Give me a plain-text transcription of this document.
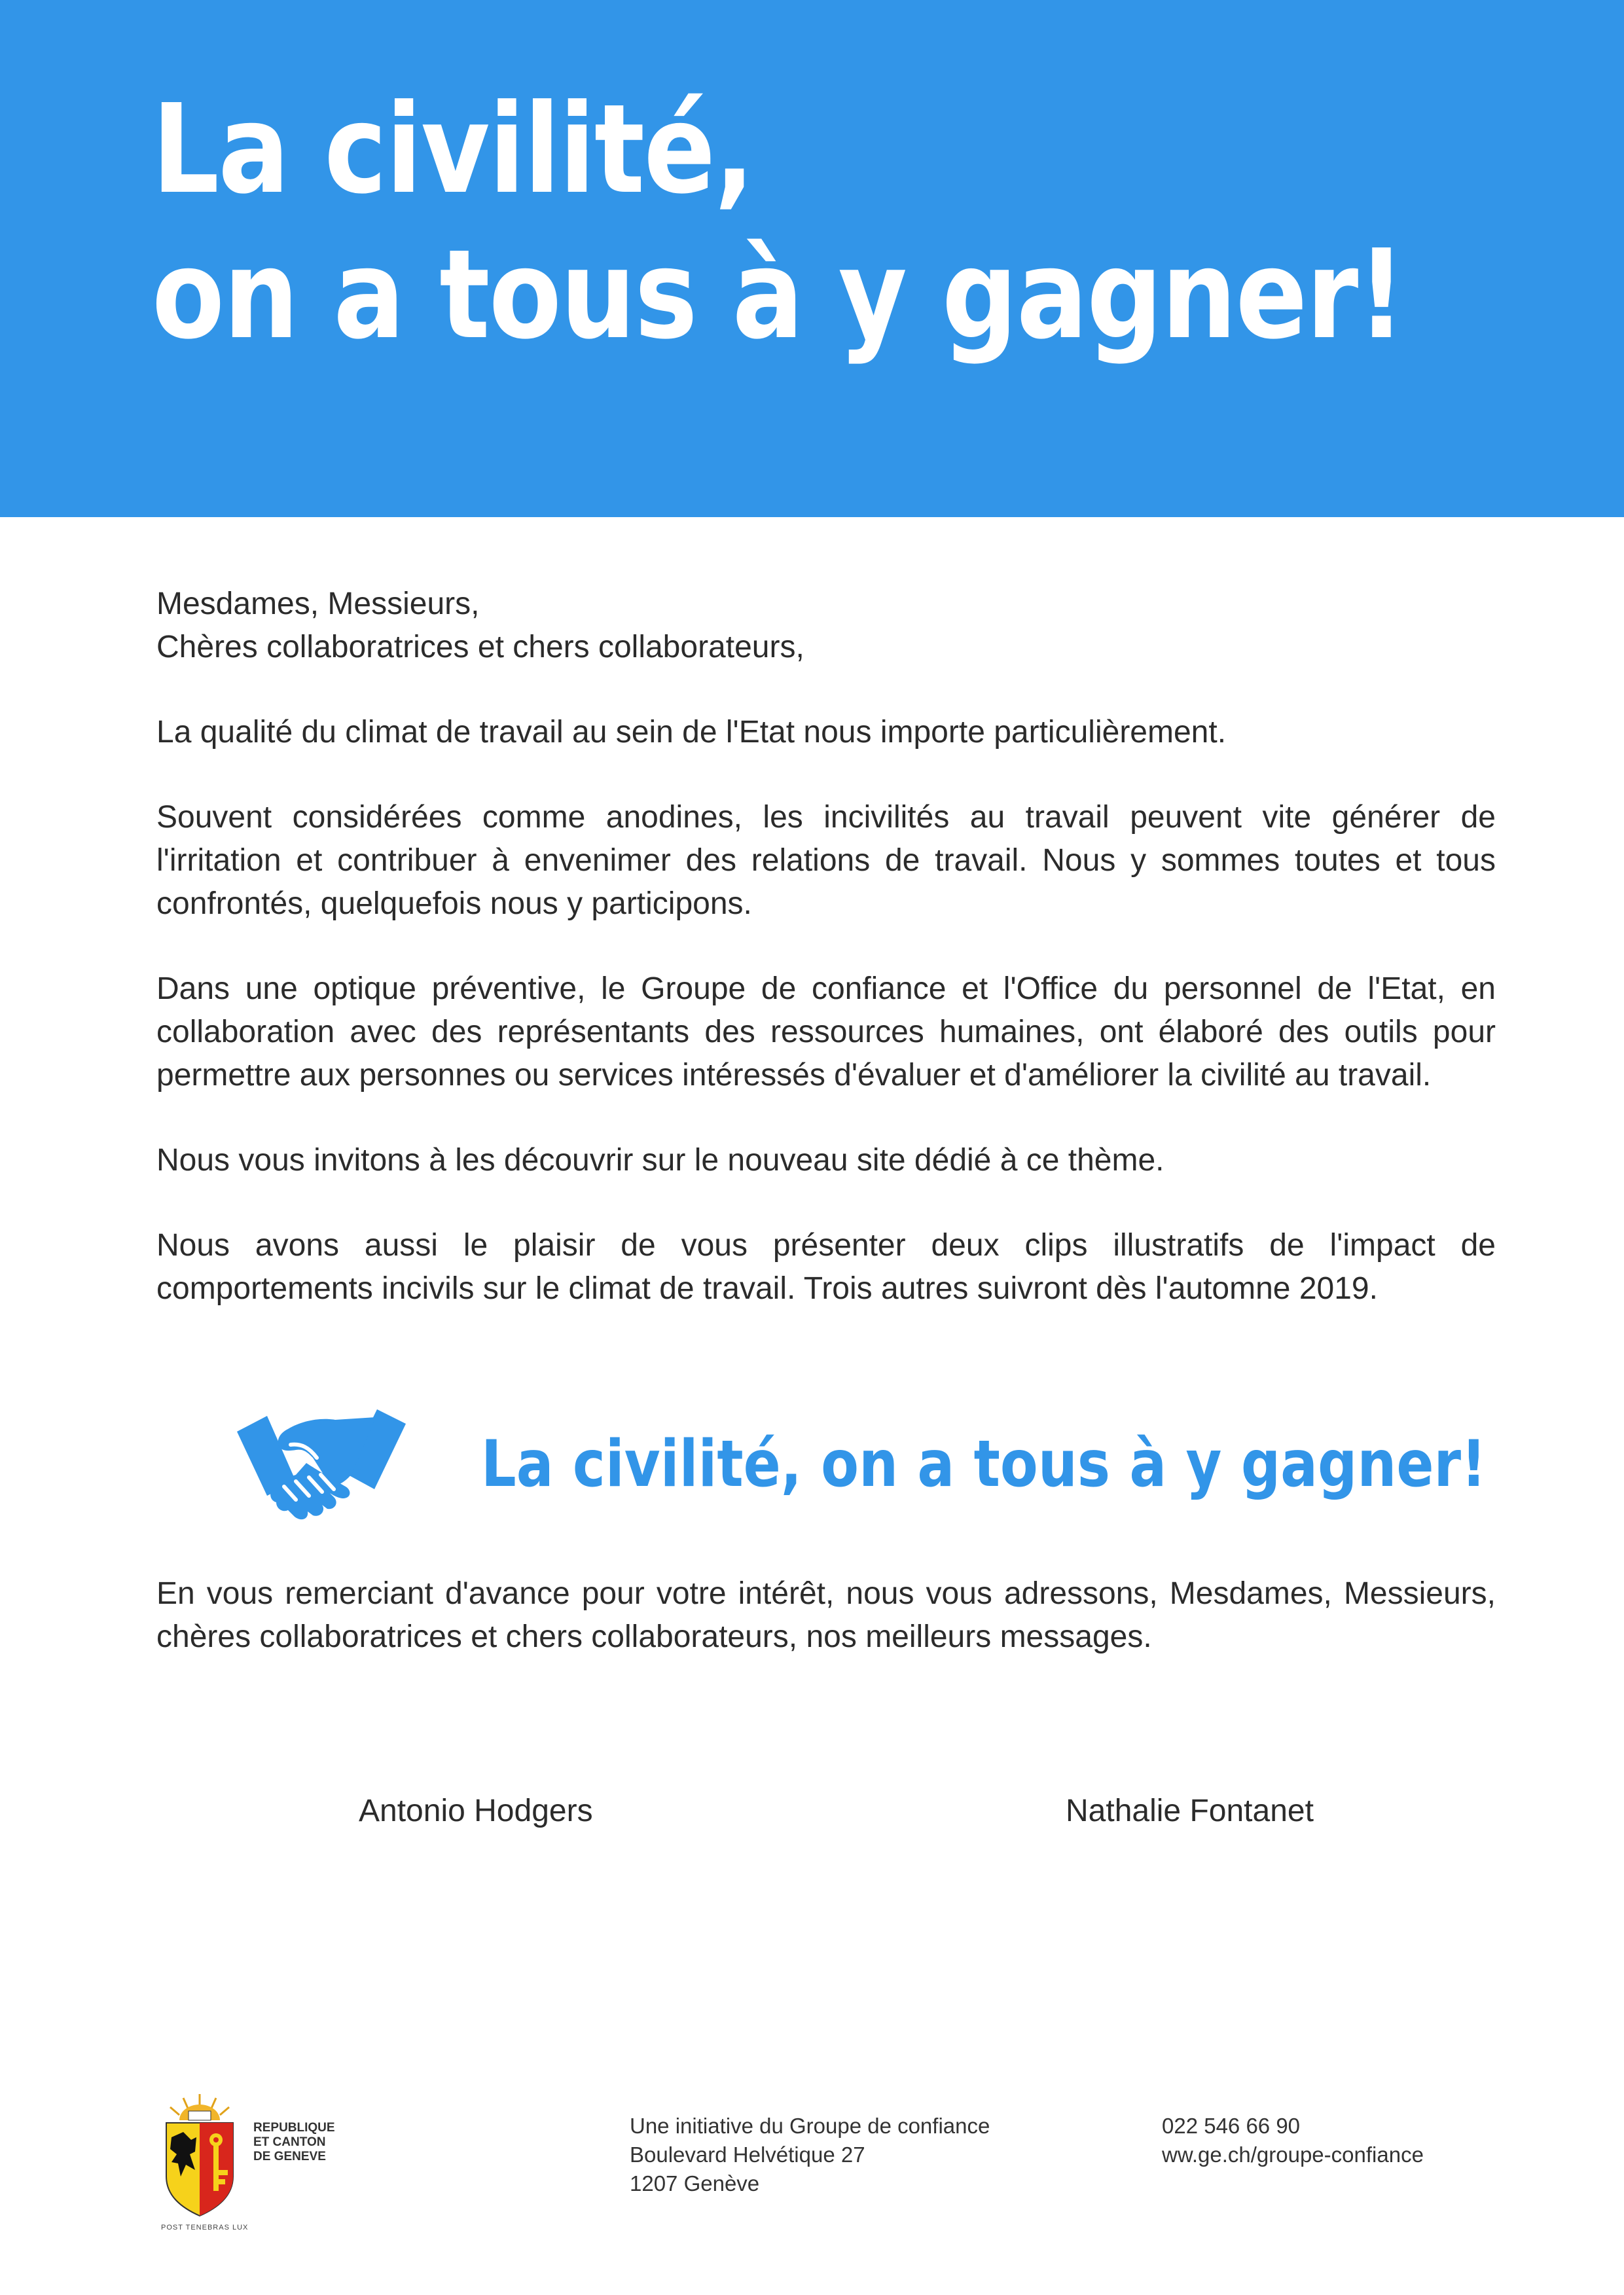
La civilité,
on a tous à y gagner!

Mesdames, Messieurs,
Chères collaboratrices et chers collaborateurs,

La qualité du climat de travail au sein de l'Etat nous importe particulièrement.

Souvent considérées comme anodines, les incivilités au travail peuvent vite générer de l'irritation et contribuer à envenimer des relations de travail. Nous y sommes toutes et tous confrontés, quelquefois nous y participons.

Dans une optique préventive, le Groupe de confiance et l'Office du personnel de l'Etat, en collaboration avec des représentants des ressources humaines, ont élaboré des outils pour permettre aux personnes ou services intéressés d'évaluer et d'améliorer la civilité au travail.

Nous vous invitons à les découvrir sur le nouveau site dédié à ce thème.

Nous avons aussi le plaisir de vous présenter deux clips illustratifs de l'impact de comportements incivils sur le climat de travail. Trois autres suivront dès l'automne 2019.

La civilité, on a tous à y gagner!

En vous remerciant d'avance pour votre intérêt, nous vous adressons, Mesdames, Messieurs, chères collaboratrices et chers collaborateurs, nos meilleurs messages.

Antonio Hodgers	Nathalie Fontanet

REPUBLIQUE
ET CANTON
DE GENEVE
POST TENEBRAS LUX
Une initiative du Groupe de confiance
Boulevard Helvétique 27
1207 Genève
022 546 66 90
ww.ge.ch/groupe-confiance
